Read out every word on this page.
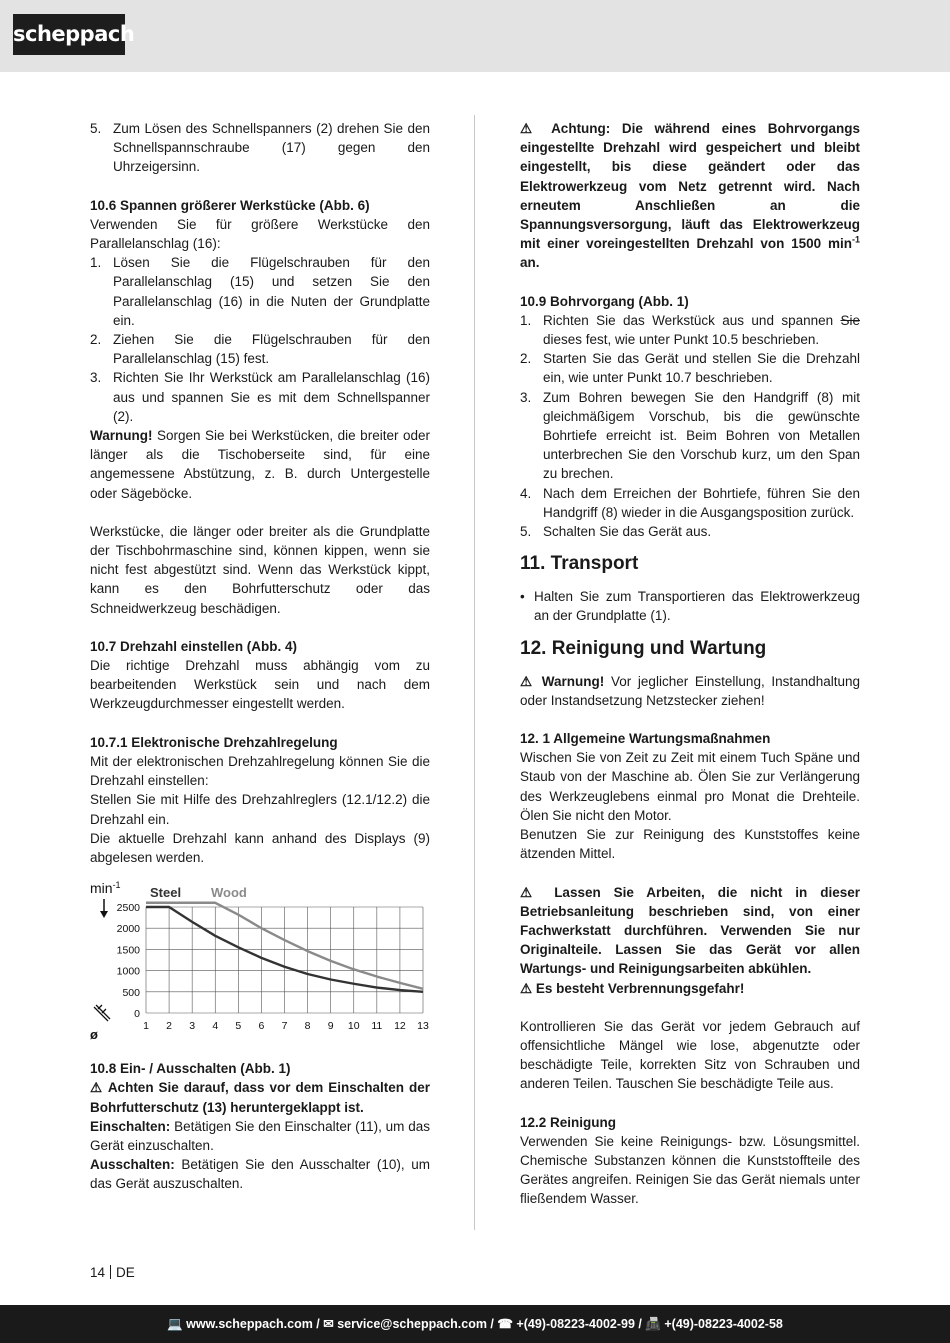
scheppach
5. Zum Lösen des Schnellspanners (2) drehen Sie den Schnellspannschraube (17) gegen den Uhrzeigersinn.

10.6 Spannen größerer Werkstücke (Abb. 6)

Verwenden Sie für größere Werkstücke den Parallelanschlag (16):

1. Lösen Sie die Flügelschrauben für den Parallelanschlag (15) und setzen Sie den Parallelanschlag (16) in die Nuten der Grundplatte ein.
2. Ziehen Sie die Flügelschrauben für den Parallelanschlag (15) fest.
3. Richten Sie Ihr Werkstück am Parallelanschlag (16) aus und spannen Sie es mit dem Schnellspanner (2).

Warnung! Sorgen Sie bei Werkstücken, die breiter oder länger als die Tischoberseite sind, für eine angemessene Abstützung, z. B. durch Untergestelle oder Sägeböcke.

Werkstücke, die länger oder breiter als die Grundplatte der Tischbohrmaschine sind, können kippen, wenn sie nicht fest abgestützt sind. Wenn das Werkstück kippt, kann es den Bohrfutterschutz oder das Schneidwerkzeug beschädigen.

10.7 Drehzahl einstellen (Abb. 4)

Die richtige Drehzahl muss abhängig vom zu bearbeitenden Werkstück sein und nach dem Werkzeugdurchmesser eingestellt werden.

10.7.1 Elektronische Drehzahlregelung

Mit der elektronischen Drehzahlregelung können Sie die Drehzahl einstellen:

Stellen Sie mit Hilfe des Drehzahlreglers (12.1/12.2) die Drehzahl ein.

Die aktuelle Drehzahl kann anhand des Displays (9) abgelesen werden.

0
500
1000
1500
2000
2500
1 2 3 4 5 6 7 8 9 10 11 12 13
$\min^{-1}$
ø
Steel Wood

10.8 Ein- / Ausschalten (Abb. 1)

⚠ Achten Sie darauf, dass vor dem Einschalten der Bohrfutterschutz (13) heruntergeklappt ist.

Einschalten: Betätigen Sie den Einschalter (11), um das Gerät einzuschalten.

Ausschalten: Betätigen Sie den Ausschalter (10), um das Gerät auszuschalten.

⚠ Achtung: Die während eines Bohrvorgangs eingestellte Drehzahl wird gespeichert und bleibt eingestellt, bis diese geändert oder das Elektrowerkzeug vom Netz getrennt wird. Nach erneutem Anschließen an die Spannungsversorgung, läuft das Elektrowerkzeug mit einer voreingestellten Drehzahl von 1500 $\min^{-1}$ an.

10.9 Bohrvorgang (Abb. 1)

1. Richten Sie das Werkstück aus und spannen Sie dieses fest, wie unter Punkt 10.5 beschrieben.
2. Starten Sie das Gerät und stellen Sie die Drehzahl ein, wie unter Punkt 10.7 beschrieben.
3. Zum Bohren bewegen Sie den Handgriff (8) mit gleichmäßigem Vorschub, bis die gewünschte Bohrtiefe erreicht ist. Beim Bohren von Metallen unterbrechen Sie den Vorschub kurz, um den Span zu brechen.
4. Nach dem Erreichen der Bohrtiefe, führen Sie den Handgriff (8) wieder in die Ausgangsposition zurück.
5. Schalten Sie das Gerät aus.

11. Transport

• Halten Sie zum Transportieren das Elektrowerkzeug an der Grundplatte (1).

12. Reinigung und Wartung

⚠ Warnung! Vor jeglicher Einstellung, Instandhaltung oder Instandsetzung Netzstecker ziehen!

12. 1 Allgemeine Wartungsmaßnahmen

Wischen Sie von Zeit zu Zeit mit einem Tuch Späne und Staub von der Maschine ab. Ölen Sie zur Verlängerung des Werkzeuglebens einmal pro Monat die Drehteile. Ölen Sie nicht den Motor.

Benutzen Sie zur Reinigung des Kunststoffes keine ätzenden Mittel.

⚠ Lassen Sie Arbeiten, die nicht in dieser Betriebsanleitung beschrieben sind, von einer Fachwerkstatt durchführen. Verwenden Sie nur Originalteile. Lassen Sie das Gerät vor allen Wartungs- und Reinigungsarbeiten abkühlen.

⚠ Es besteht Verbrennungsgefahr!

Kontrollieren Sie das Gerät vor jedem Gebrauch auf offensichtliche Mängel wie lose, abgenutzte oder beschädigte Teile, korrekten Sitz von Schrauben und anderen Teilen. Tauschen Sie beschädigte Teile aus.

12.2 Reinigung

Verwenden Sie keine Reinigungs- bzw. Lösungsmittel. Chemische Substanzen können die Kunststoffteile des Gerätes angreifen. Reinigen Sie das Gerät niemals unter fließendem Wasser.

14 DE
💻 www.scheppach.com / ✉ service@scheppach.com / ☎ +(49)-08223-4002-99 / 📠 +(49)-08223-4002-58
